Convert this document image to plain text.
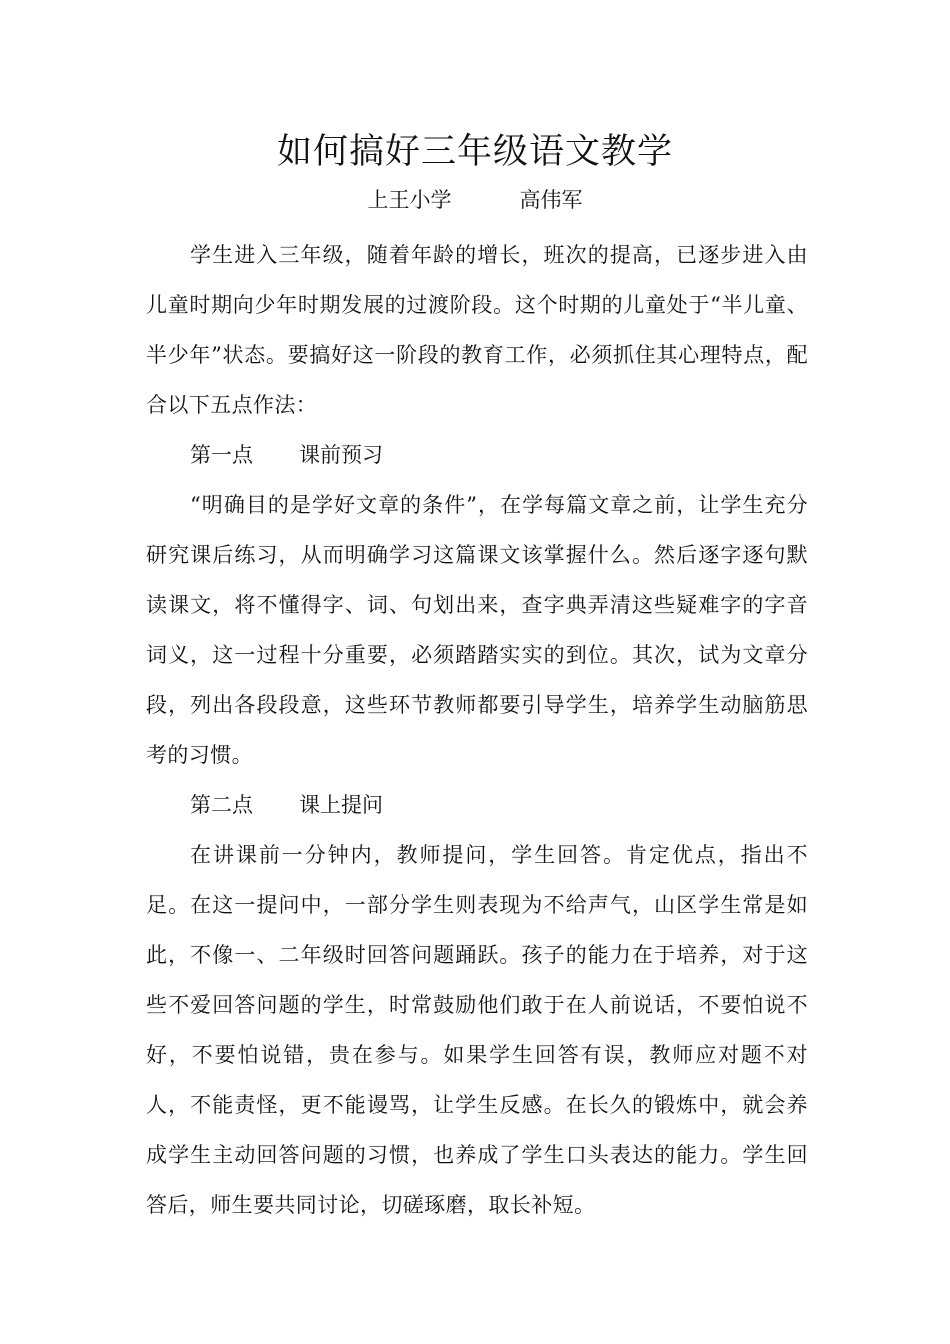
如何搞好三年级语文教学
上王小学	高伟军

学生进入三年级，随着年龄的增长，班次的提高，已逐步进入由儿童时期向少年时期发展的过渡阶段。这个时期的儿童处于“半儿童、半少年”状态。要搞好这一阶段的教育工作，必须抓住其心理特点，配合以下五点作法：

第一点 课前预习

“明确目的是学好文章的条件”，在学每篇文章之前，让学生充分研究课后练习，从而明确学习这篇课文该掌握什么。然后逐字逐句默读课文，将不懂得字、词、句划出来，查字典弄清这些疑难字的字音词义，这一过程十分重要，必须踏踏实实的到位。其次，试为文章分段，列出各段段意，这些环节教师都要引导学生，培养学生动脑筋思考的习惯。

第二点 课上提问

在讲课前一分钟内，教师提问，学生回答。肯定优点，指出不足。在这一提问中，一部分学生则表现为不给声气，山区学生常是如此，不像一、二年级时回答问题踊跃。孩子的能力在于培养，对于这些不爱回答问题的学生，时常鼓励他们敢于在人前说话，不要怕说不好，不要怕说错，贵在参与。如果学生回答有误，教师应对题不对人，不能责怪，更不能谩骂，让学生反感。在长久的锻炼中，就会养成学生主动回答问题的习惯，也养成了学生口头表达的能力。学生回答后，师生要共同讨论，切磋琢磨，取长补短。
